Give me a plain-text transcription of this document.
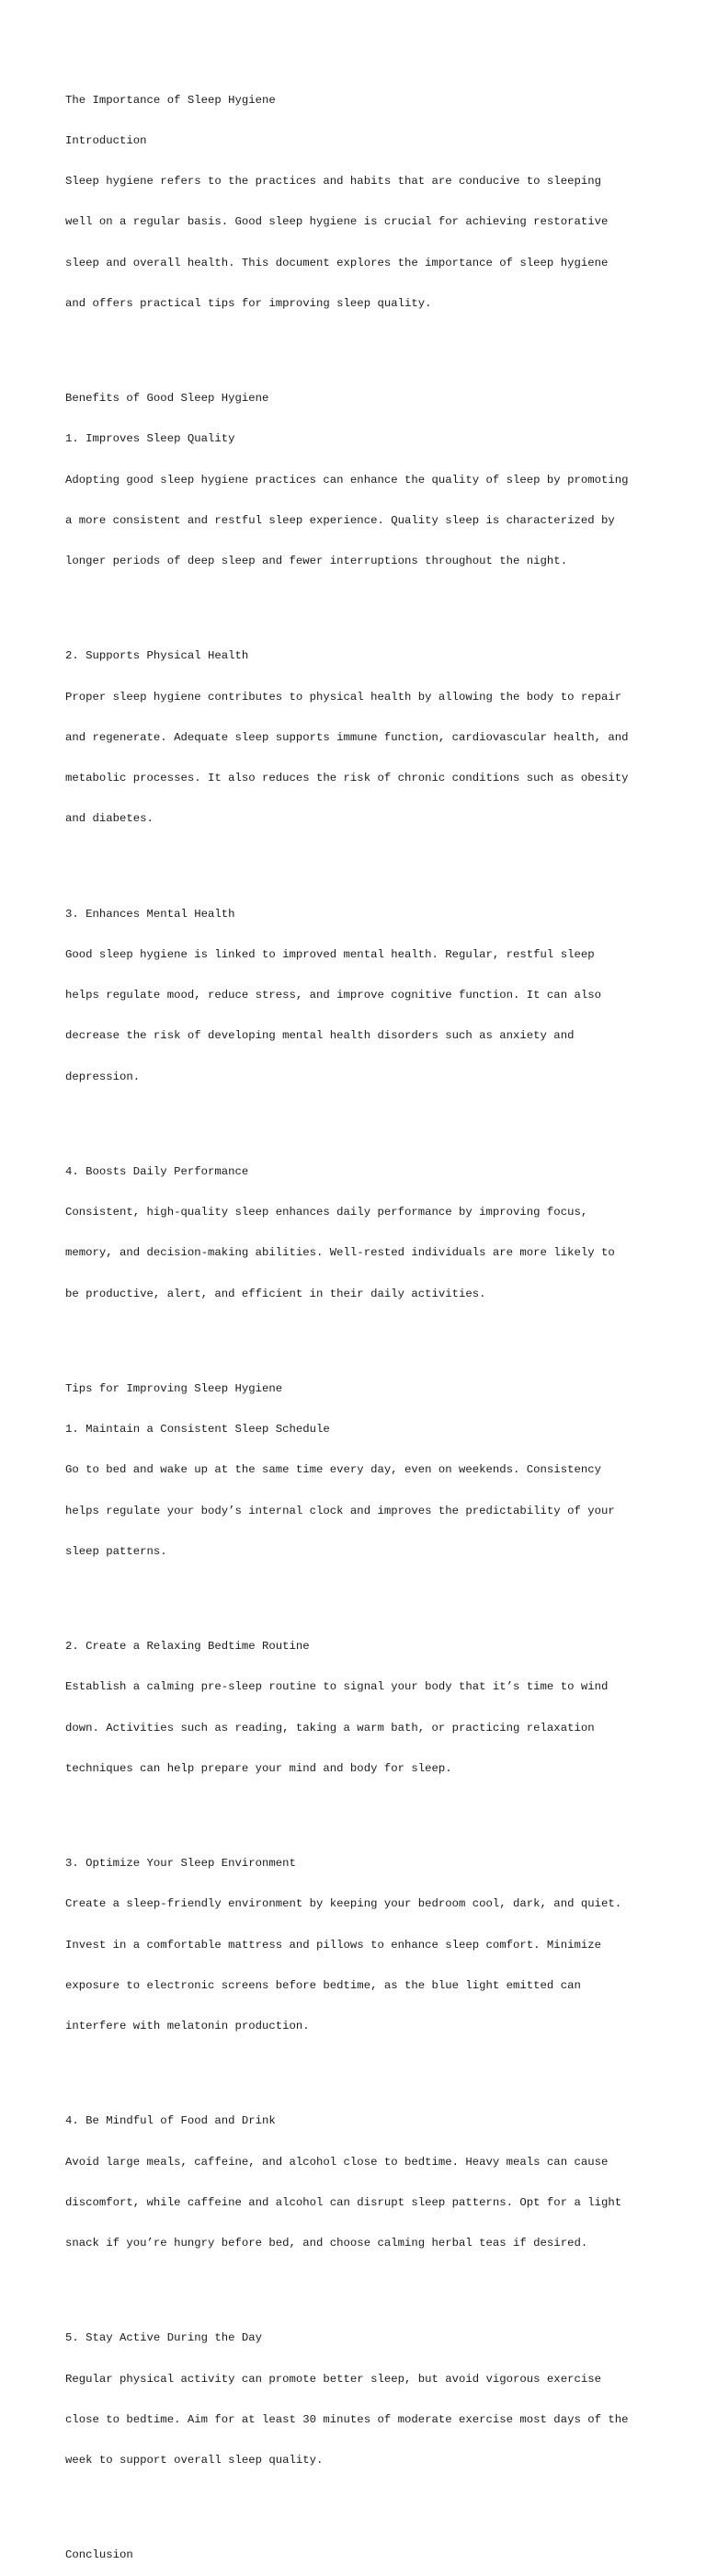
The Importance of Sleep Hygiene

Introduction

Sleep hygiene refers to the practices and habits that are conducive to sleeping

well on a regular basis. Good sleep hygiene is crucial for achieving restorative

sleep and overall health. This document explores the importance of sleep hygiene

and offers practical tips for improving sleep quality.

Benefits of Good Sleep Hygiene

1. Improves Sleep Quality

Adopting good sleep hygiene practices can enhance the quality of sleep by promoting

a more consistent and restful sleep experience. Quality sleep is characterized by

longer periods of deep sleep and fewer interruptions throughout the night.

2. Supports Physical Health

Proper sleep hygiene contributes to physical health by allowing the body to repair

and regenerate. Adequate sleep supports immune function, cardiovascular health, and

metabolic processes. It also reduces the risk of chronic conditions such as obesity

and diabetes.

3. Enhances Mental Health

Good sleep hygiene is linked to improved mental health. Regular, restful sleep

helps regulate mood, reduce stress, and improve cognitive function. It can also

decrease the risk of developing mental health disorders such as anxiety and

depression.

4. Boosts Daily Performance

Consistent, high-quality sleep enhances daily performance by improving focus,

memory, and decision-making abilities. Well-rested individuals are more likely to

be productive, alert, and efficient in their daily activities.

Tips for Improving Sleep Hygiene

1. Maintain a Consistent Sleep Schedule

Go to bed and wake up at the same time every day, even on weekends. Consistency

helps regulate your body’s internal clock and improves the predictability of your

sleep patterns.

2. Create a Relaxing Bedtime Routine

Establish a calming pre-sleep routine to signal your body that it’s time to wind

down. Activities such as reading, taking a warm bath, or practicing relaxation

techniques can help prepare your mind and body for sleep.

3. Optimize Your Sleep Environment

Create a sleep-friendly environment by keeping your bedroom cool, dark, and quiet.

Invest in a comfortable mattress and pillows to enhance sleep comfort. Minimize

exposure to electronic screens before bedtime, as the blue light emitted can

interfere with melatonin production.

4. Be Mindful of Food and Drink

Avoid large meals, caffeine, and alcohol close to bedtime. Heavy meals can cause

discomfort, while caffeine and alcohol can disrupt sleep patterns. Opt for a light

snack if you’re hungry before bed, and choose calming herbal teas if desired.

5. Stay Active During the Day

Regular physical activity can promote better sleep, but avoid vigorous exercise

close to bedtime. Aim for at least 30 minutes of moderate exercise most days of the

week to support overall sleep quality.

Conclusion
